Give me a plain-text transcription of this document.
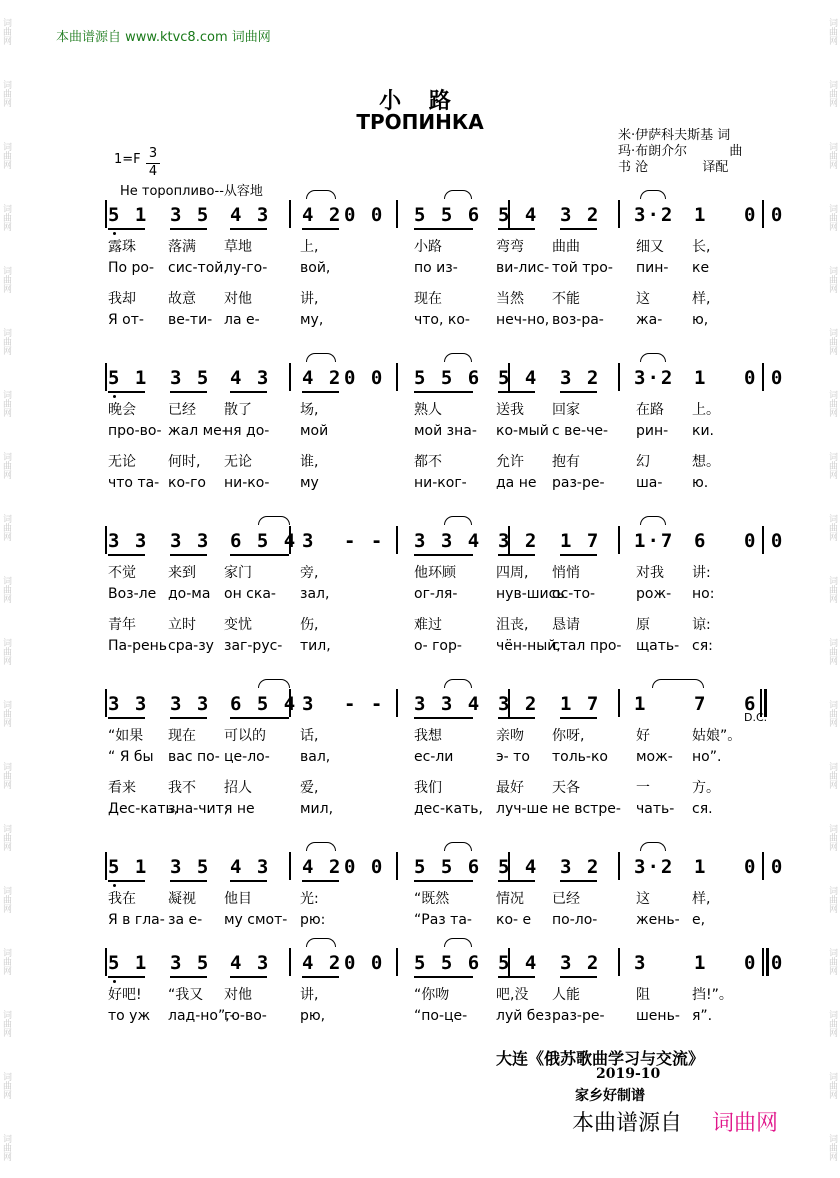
词曲网
词曲网
词曲网
词曲网
词曲网
词曲网
词曲网
词曲网
词曲网
词曲网
词曲网
词曲网
词曲网
词曲网
词曲网
词曲网
词曲网
词曲网
词曲网
词曲网
词曲网
词曲网
词曲网
词曲网
词曲网
词曲网
词曲网
词曲网
词曲网
词曲网
词曲网
词曲网
词曲网
词曲网
词曲网
词曲网
词曲网
词曲网
本曲谱源自 www.ktvc8.com 词曲网
小 路
ТРОПИНКА
米·伊萨科夫斯基 词
玛·布朗介尔	曲
书 沧	译配
1=F 3
4
Не торопливо--从容地
5 1 3 5 4 3 4 2 0 0 5 5 6 5 4 3 2 3·2 1 0 0
露珠 落满 草地	上,	小路	弯弯 曲曲	细又 长,
По ро- сис-той,
лу-го- вой,	по из-	ви-лис- той тро- пин- ке
我却 故意 对他	讲,	现在	当然 不能	这	样,
Я от- ве-ти- ла е-	му,	что, ко- неч-но, воз-ра- жа- ю,
5 1 3 5 4 3 4 2 0 0 5 5 6 5 4 3 2 3·2 1 0 0
晚会 已经 散了	场,	熟人	送我 回家	在路 上。
про-во- жал ме-
ня до- мой	мой зна- ко-мый с ве-че- рин- ки.
无论 何时, 无论	谁,	都不	允许 抱有	幻	想。
что та- ко-го ни-ко- му	ни-ког- да не раз-ре- ша- ю.
3 3 3 3 6 5 4 3 - - 3 3 4 3 2 1 7 1·7 6 0 0
不觉 来到 家门	旁,	他环顾	四周, 悄悄	对我 讲:
Воз-ле до-ма он ска- зал,	ог-ля-	нув-шись
ос-то-	рож- но:
青年 立时 变忧	伤,	难过	沮丧, 恳请	原	谅:
Па-рень сра-зу заг-рус- тил,	о- гор- чён-ный,
стал про- щать- ся:
3 3 3 3 6 5 4 3 - - 3 3 4 3 2 1 7 1 7 6
“如果 现在 可以的 话,	我想	亲吻 你呀,	好	姑娘”。
“ Я бы вас по- це-ло- вал,	ес-ли	э- то толь-ко мож- но”.
看来 我不 招人	爱,	我们	最好 天各	一	方。
Дес-кать,
зна-чит,
я не	мил,	дес-кать, луч-ше не встре- чать- ся.
D.C.
5 1 3 5 4 3 4 2 0 0 5 5 6 5 4 3 2 3·2 1 0 0
我在 凝视 他目	光:	“既然	情况 已经	这	样,
Я в гла- за е- му смот- рю:	“Раз та- ко- е по-ло-	жень- е,
5 1 3 5 4 3 4 2 0 0 5 5 6 5 4 3 2 3 1 0 0
好吧! “我又 对他	讲,	“你吻	吧,没 人能	阻	挡!”。
то уж лад-но”,-
го-во- рю,	“по-це- луй без раз-ре- шень- я”.
大连《俄苏歌曲学习与交流》
2019-10
家乡好制谱
本曲谱源自 词曲网
